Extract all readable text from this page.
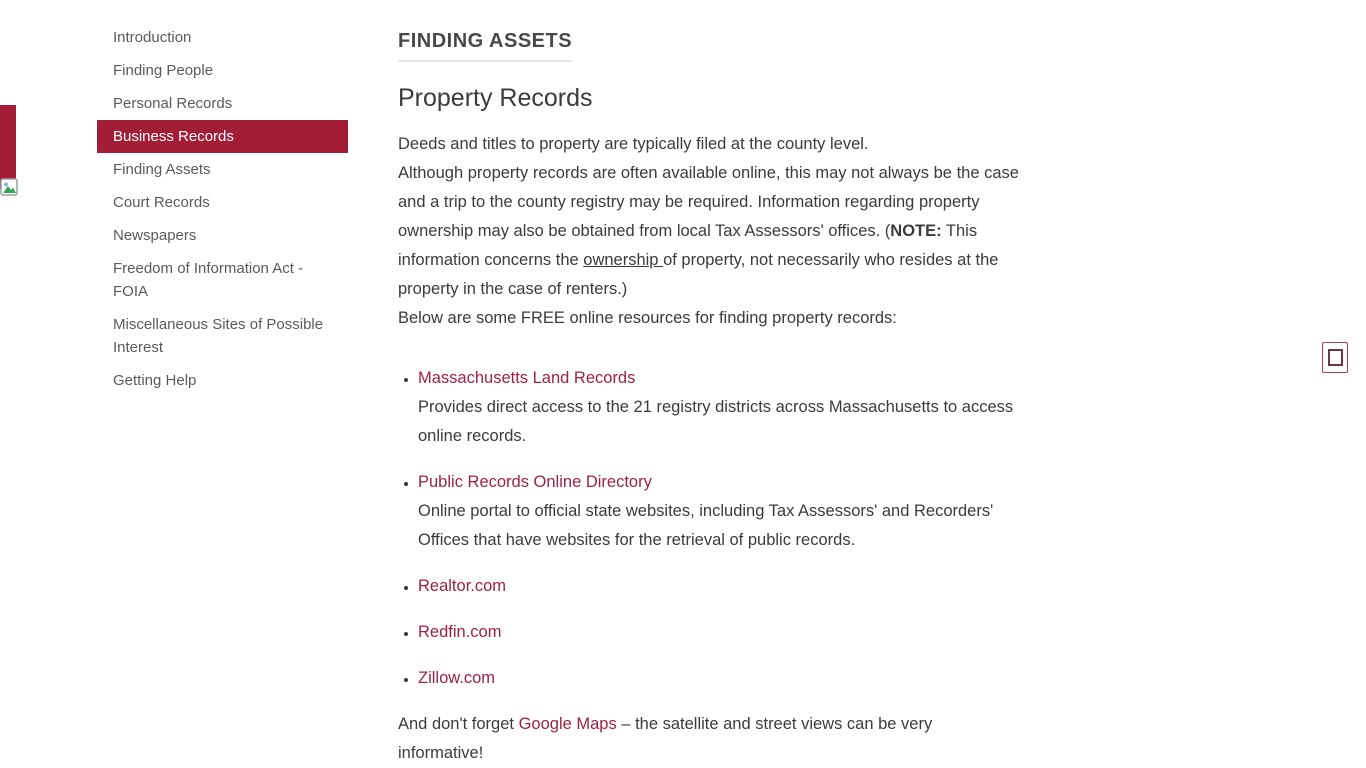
Introduction
Finding People
Personal Records
Business Records
Finding Assets
Court Records
Newspapers
Freedom of Information Act - FOIA
Miscellaneous Sites of Possible Interest
Getting Help
FINDING ASSETS
Property Records

Deeds and titles to property are typically filed at the county level.
Although property records are often available online, this may not always be the case and a trip to the county registry may be required. Information regarding property ownership may also be obtained from local Tax Assessors' offices. (NOTE: This information concerns the ownership of property, not necessarily who resides at the property in the case of renters.)

Below are some FREE online resources for finding property records:

• Massachusetts Land Records
Provides direct access to the 21 registry districts across Massachusetts to access online records.
• Public Records Online Directory
Online portal to official state websites, including Tax Assessors' and Recorders' Offices that have websites for the retrieval of public records.
• Realtor.com
• Redfin.com
• Zillow.com

And don't forget Google Maps – the satellite and street views can be very informative!
